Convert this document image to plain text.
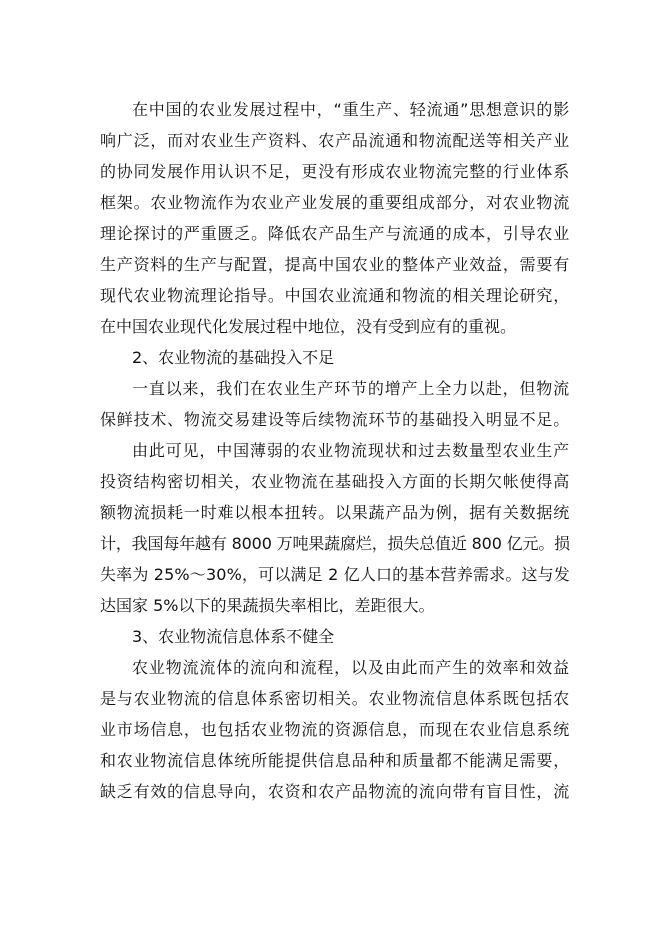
在中国的农业发展过程中，“重生产、轻流通”思想意识的影
响广泛，而对农业生产资料、农产品流通和物流配送等相关产业
的协同发展作用认识不足，更没有形成农业物流完整的行业体系
框架。农业物流作为农业产业发展的重要组成部分，对农业物流
理论探讨的严重匮乏。降低农产品生产与流通的成本，引导农业
生产资料的生产与配置，提高中国农业的整体产业效益，需要有
现代农业物流理论指导。中国农业流通和物流的相关理论研究，
在中国农业现代化发展过程中地位，没有受到应有的重视。
2、农业物流的基础投入不足
一直以来，我们在农业生产环节的增产上全力以赴，但物流
保鲜技术、物流交易建设等后续物流环节的基础投入明显不足。
由此可见，中国薄弱的农业物流现状和过去数量型农业生产
投资结构密切相关，农业物流在基础投入方面的长期欠帐使得高
额物流损耗一时难以根本扭转。以果蔬产品为例，据有关数据统
计，我国每年越有 8000 万吨果蔬腐烂，损失总值近 800 亿元。损
失率为 25%～30%，可以满足 2 亿人口的基本营养需求。这与发
达国家 5%以下的果蔬损失率相比，差距很大。
3、农业物流信息体系不健全
农业物流流体的流向和流程，以及由此而产生的效率和效益
是与农业物流的信息体系密切相关。农业物流信息体系既包括农
业市场信息，也包括农业物流的资源信息，而现在农业信息系统
和农业物流信息体统所能提供信息品种和质量都不能满足需要，
缺乏有效的信息导向，农资和农产品物流的流向带有盲目性，流
